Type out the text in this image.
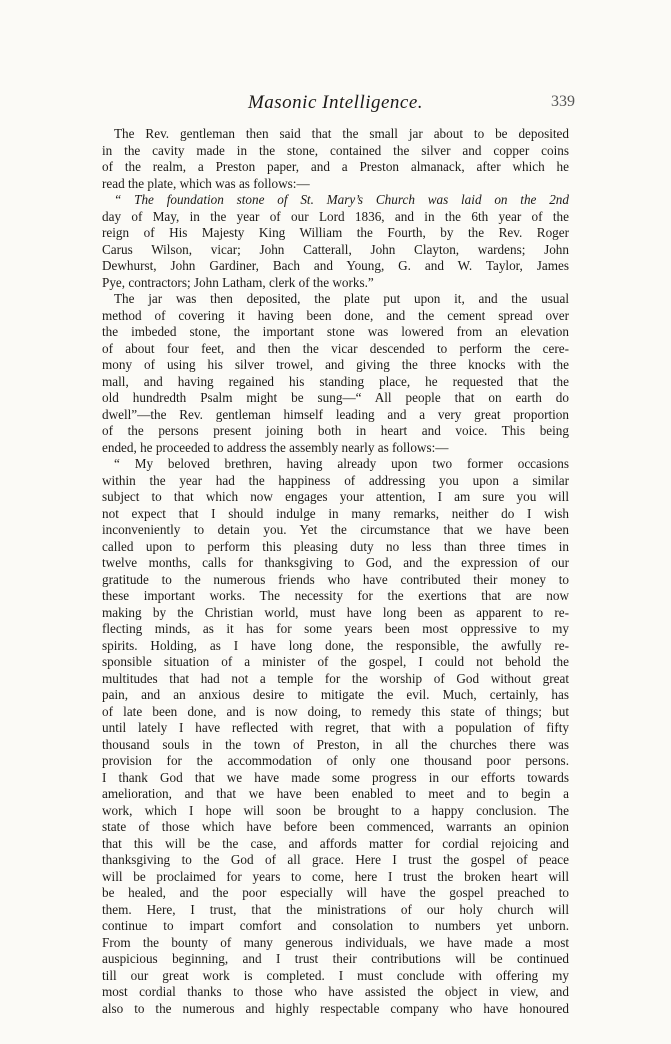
Masonic Intelligence.	339
The Rev. gentleman then said that the small jar about to be deposited
in the cavity made in the stone, contained the silver and copper coins
of the realm, a Preston paper, and a Preston almanack, after which he
read the plate, which was as follows:—
“ The foundation stone of St. Mary’s Church was laid on the 2nd
day of May, in the year of our Lord 1836, and in the 6th year of the
reign of His Majesty King William the Fourth, by the Rev. Roger
Carus Wilson, vicar; John Catterall, John Clayton, wardens; John
Dewhurst, John Gardiner, Bach and Young, G. and W. Taylor, James
Pye, contractors; John Latham, clerk of the works.”
The jar was then deposited, the plate put upon it, and the usual
method of covering it having been done, and the cement spread over
the imbeded stone, the important stone was lowered from an elevation
of about four feet, and then the vicar descended to perform the cere-
mony of using his silver trowel, and giving the three knocks with the
mall, and having regained his standing place, he requested that the
old hundredth Psalm might be sung—“ All people that on earth do
dwell”—the Rev. gentleman himself leading and a very great proportion
of the persons present joining both in heart and voice. This being
ended, he proceeded to address the assembly nearly as follows:—
“ My beloved brethren, having already upon two former occasions
within the year had the happiness of addressing you upon a similar
subject to that which now engages your attention, I am sure you will
not expect that I should indulge in many remarks, neither do I wish
inconveniently to detain you. Yet the circumstance that we have been
called upon to perform this pleasing duty no less than three times in
twelve months, calls for thanksgiving to God, and the expression of our
gratitude to the numerous friends who have contributed their money to
these important works. The necessity for the exertions that are now
making by the Christian world, must have long been as apparent to re-
flecting minds, as it has for some years been most oppressive to my
spirits. Holding, as I have long done, the responsible, the awfully re-
sponsible situation of a minister of the gospel, I could not behold the
multitudes that had not a temple for the worship of God without great
pain, and an anxious desire to mitigate the evil. Much, certainly, has
of late been done, and is now doing, to remedy this state of things; but
until lately I have reflected with regret, that with a population of fifty
thousand souls in the town of Preston, in all the churches there was
provision for the accommodation of only one thousand poor persons.
I thank God that we have made some progress in our efforts towards
amelioration, and that we have been enabled to meet and to begin a
work, which I hope will soon be brought to a happy conclusion. The
state of those which have before been commenced, warrants an opinion
that this will be the case, and affords matter for cordial rejoicing and
thanksgiving to the God of all grace. Here I trust the gospel of peace
will be proclaimed for years to come, here I trust the broken heart will
be healed, and the poor especially will have the gospel preached to
them. Here, I trust, that the ministrations of our holy church will
continue to impart comfort and consolation to numbers yet unborn.
From the bounty of many generous individuals, we have made a most
auspicious beginning, and I trust their contributions will be continued
till our great work is completed. I must conclude with offering my
most cordial thanks to those who have assisted the object in view, and
also to the numerous and highly respectable company who have honoured
